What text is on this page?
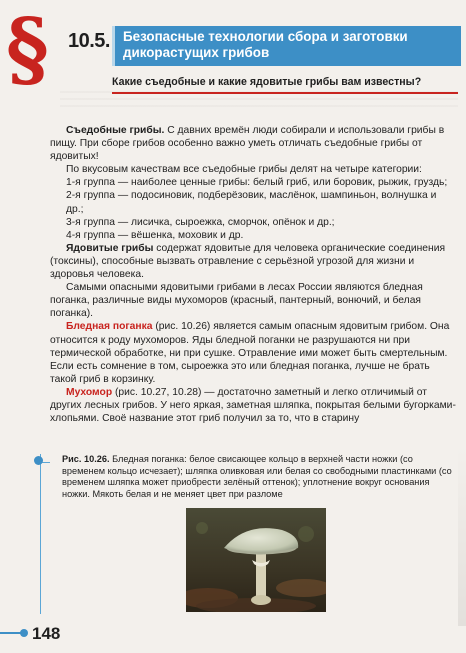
§ 10.5. Безопасные технологии сбора и заготовки дикорастущих грибов
Какие съедобные и какие ядовитые грибы вам известны?

Съедобные грибы. С давних времён люди собирали и использовали грибы в пищу. При сборе грибов особенно важно уметь отличать съедобные грибы от ядовитых!

По вкусовым качествам все съедобные грибы делят на четыре категории:

1-я группа — наиболее ценные грибы: белый гриб, или боровик, рыжик, груздь;

2-я группа — подосиновик, подберёзовик, маслёнок, шампиньон, волнушка и др.;

3-я группа — лисичка, сыроежка, сморчок, опёнок и др.;

4-я группа — вёшенка, моховик и др.

Ядовитые грибы содержат ядовитые для человека органические соединения (токсины), способные вызвать отравление с серьёзной угрозой для жизни и здоровья человека.

Самыми опасными ядовитыми грибами в лесах России являются бледная поганка, различные виды мухоморов (красный, пантерный, вонючий, и белая поганка).

Бледная поганка (рис. 10.26) является самым опасным ядовитым грибом. Она относится к роду мухоморов. Яды бледной поганки не разрушаются ни при термической обработке, ни при сушке. Отравление ими может быть смертельным. Если есть сомнение в том, сыроежка это или бледная поганка, лучше не брать такой гриб в корзинку.

Мухомор (рис. 10.27, 10.28) — достаточно заметный и легко отличимый от других лесных грибов. У него яркая, заметная шляпка, покрытая белыми бугорками-хлопьями. Своё название этот гриб получил за то, что в старину

Рис. 10.26. Бледная поганка: белое свисающее кольцо в верхней части ножки (со временем кольцо исчезает); шляпка оливковая или белая со свободными пластинками (со временем шляпка может приобрести зелёный оттенок); уплотнение вокруг основания ножки. Мякоть белая и не меняет цвет при разломе
148
